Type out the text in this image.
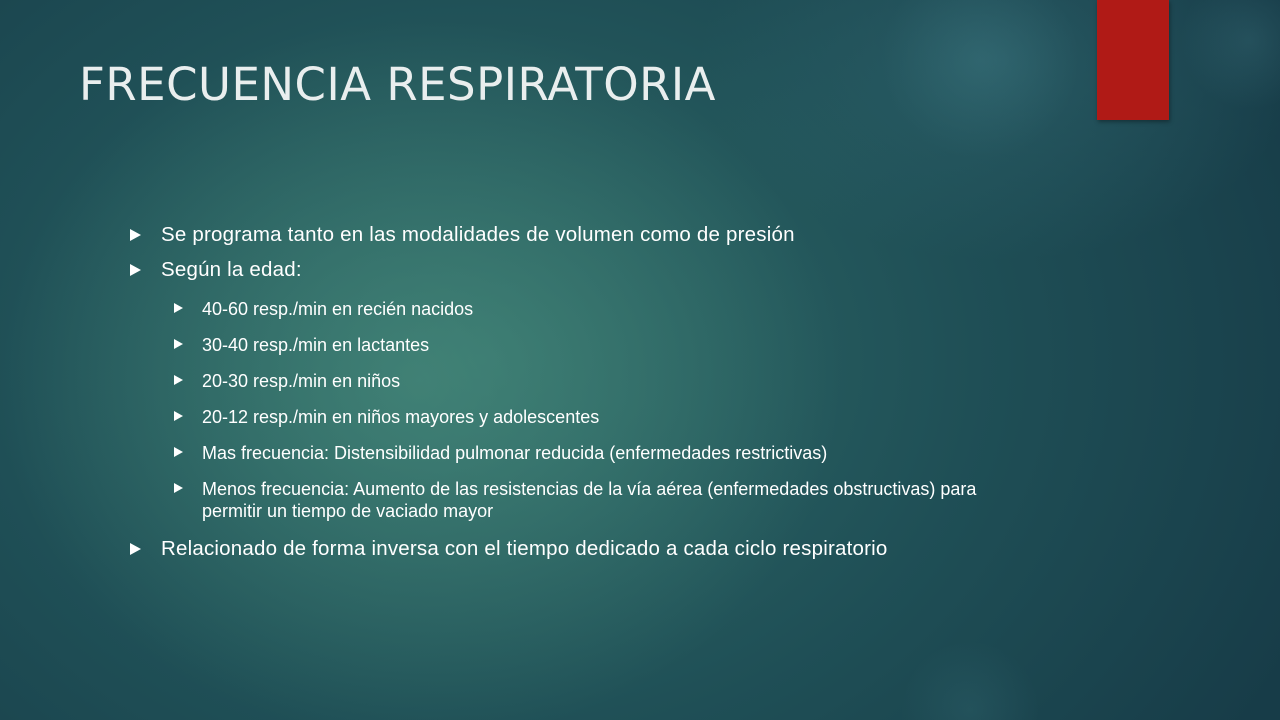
FRECUENCIA RESPIRATORIA
Se programa tanto en las modalidades de volumen como de presión
Según la edad:
40-60 resp./min en recién nacidos
30-40 resp./min en lactantes
20-30 resp./min en niños
20-12 resp./min en niños mayores y adolescentes
Mas frecuencia: Distensibilidad pulmonar reducida (enfermedades restrictivas)
Menos frecuencia: Aumento de las resistencias de la vía aérea (enfermedades obstructivas) para permitir un tiempo de vaciado mayor
Relacionado de forma inversa con el tiempo dedicado a cada ciclo respiratorio
